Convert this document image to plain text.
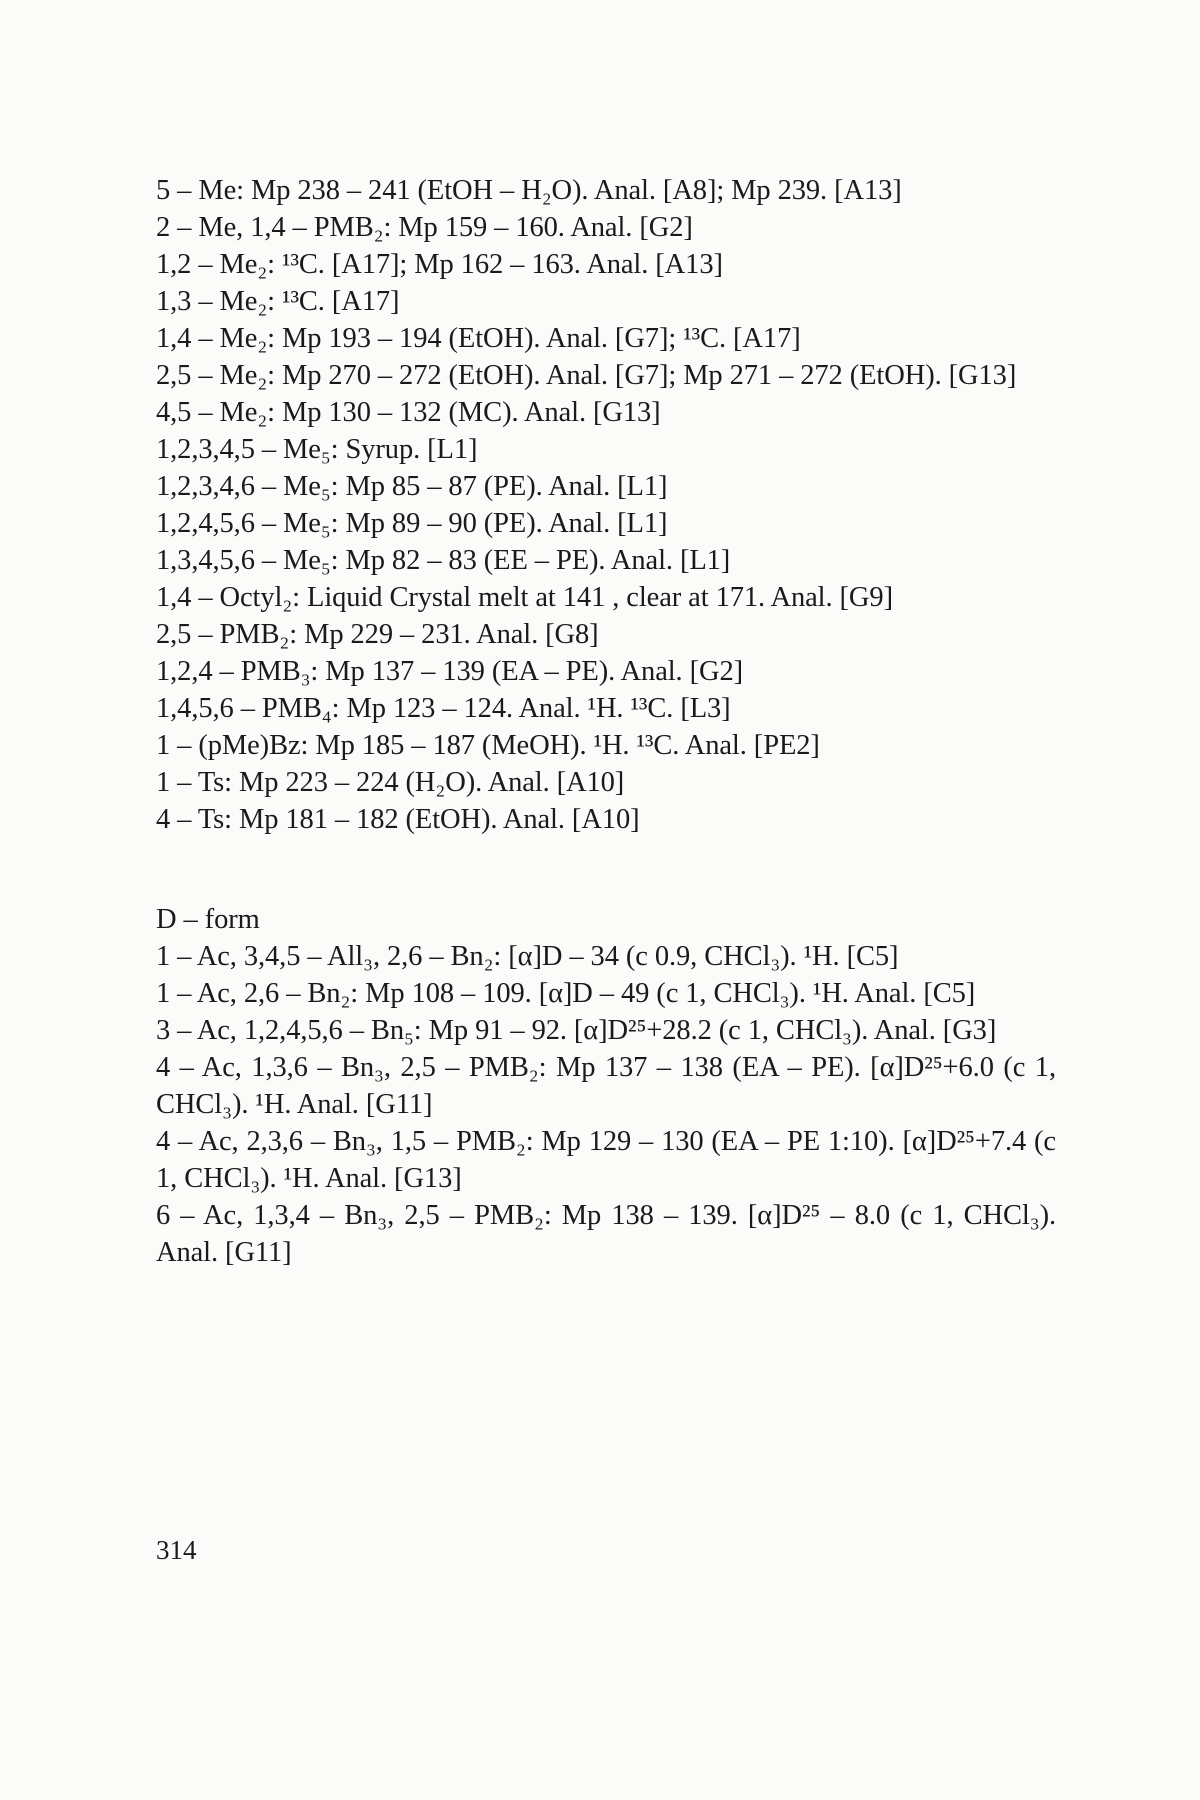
5 – Me: Mp 238 – 241 (EtOH – H₂O). Anal. [A8]; Mp 239. [A13]

2 – Me, 1,4 – PMB₂: Mp 159 – 160. Anal. [G2]

1,2 – Me₂: ¹³C. [A17]; Mp 162 – 163. Anal. [A13]

1,3 – Me₂: ¹³C. [A17]

1,4 – Me₂: Mp 193 – 194 (EtOH). Anal. [G7]; ¹³C. [A17]

2,5 – Me₂: Mp 270 – 272 (EtOH). Anal. [G7]; Mp 271 – 272 (EtOH). [G13]

4,5 – Me₂: Mp 130 – 132 (MC). Anal. [G13]

1,2,3,4,5 – Me₅: Syrup. [L1]

1,2,3,4,6 – Me₅: Mp 85 – 87 (PE). Anal. [L1]

1,2,4,5,6 – Me₅: Mp 89 – 90 (PE). Anal. [L1]

1,3,4,5,6 – Me₅: Mp 82 – 83 (EE – PE). Anal. [L1]

1,4 – Octyl₂: Liquid Crystal melt at 141 , clear at 171. Anal. [G9]

2,5 – PMB₂: Mp 229 – 231. Anal. [G8]

1,2,4 – PMB₃: Mp 137 – 139 (EA – PE). Anal. [G2]

1,4,5,6 – PMB₄: Mp 123 – 124. Anal. ¹H. ¹³C. [L3]

1 – (pMe)Bz: Mp 185 – 187 (MeOH). ¹H. ¹³C. Anal. [PE2]

1 – Ts: Mp 223 – 224 (H₂O). Anal. [A10]

4 – Ts: Mp 181 – 182 (EtOH). Anal. [A10]

D – form

1 – Ac, 3,4,5 – All₃, 2,6 – Bn₂: [α]D – 34 (c 0.9, CHCl₃). ¹H. [C5]

1 – Ac, 2,6 – Bn₂: Mp 108 – 109. [α]D – 49 (c 1, CHCl₃). ¹H. Anal. [C5]

3 – Ac, 1,2,4,5,6 – Bn₅: Mp 91 – 92. [α]D²⁵+28.2 (c 1, CHCl₃). Anal. [G3]

4 – Ac, 1,3,6 – Bn₃, 2,5 – PMB₂: Mp 137 – 138 (EA – PE). [α]D²⁵+6.0 (c 1, CHCl₃). ¹H. Anal. [G11]

4 – Ac, 2,3,6 – Bn₃, 1,5 – PMB₂: Mp 129 – 130 (EA – PE 1:10). [α]D²⁵+7.4 (c 1, CHCl₃). ¹H. Anal. [G13]

6 – Ac, 1,3,4 – Bn₃, 2,5 – PMB₂: Mp 138 – 139. [α]D²⁵ – 8.0 (c 1, CHCl₃). Anal. [G11]

314
